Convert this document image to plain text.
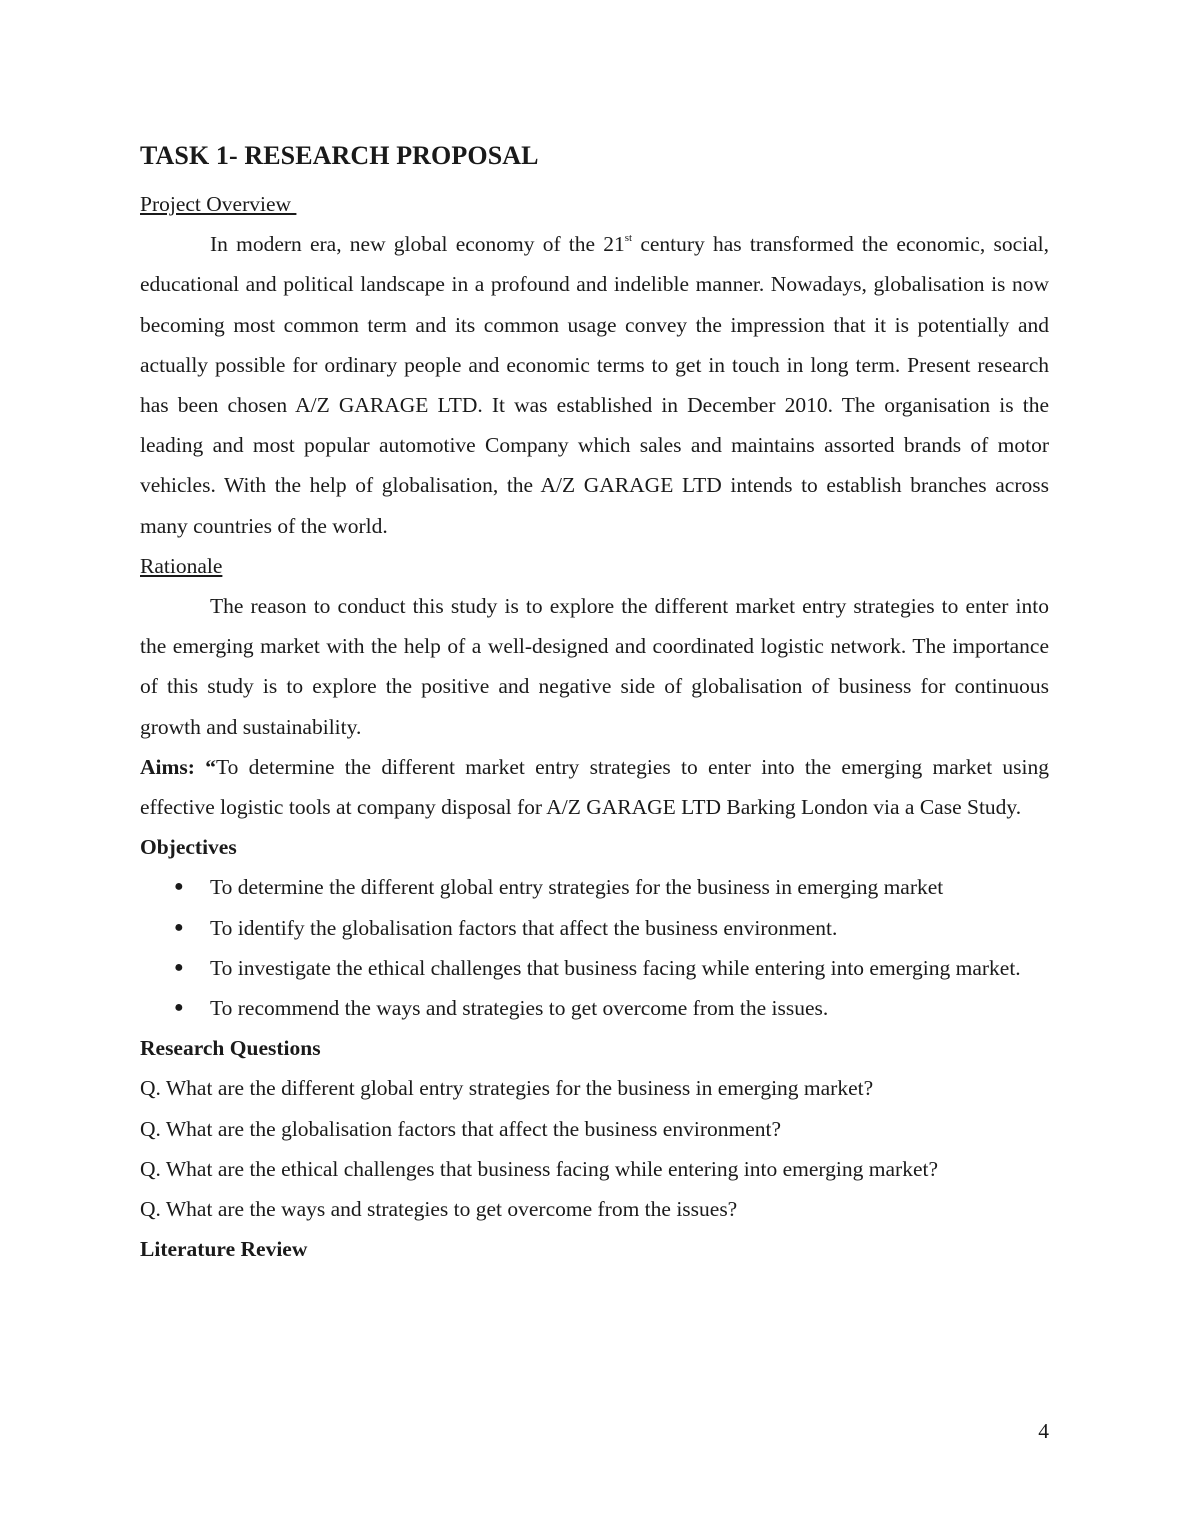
TASK 1- RESEARCH PROPOSAL

Project Overview

In modern era, new global economy of the 21st century has transformed the economic, social, educational and political landscape in a profound and indelible manner. Nowadays, globalisation is now becoming most common term and its common usage convey the impression that it is potentially and actually possible for ordinary people and economic terms to get in touch in long term. Present research has been chosen A/Z GARAGE LTD. It was established in December 2010. The organisation is the leading and most popular automotive Company which sales and maintains assorted brands of motor vehicles. With the help of globalisation, the A/Z GARAGE LTD intends to establish branches across many countries of the world.

Rationale

The reason to conduct this study is to explore the different market entry strategies to enter into the emerging market with the help of a well-designed and coordinated logistic network. The importance of this study is to explore the positive and negative side of globalisation of business for continuous growth and sustainability.

Aims: “To determine the different market entry strategies to enter into the emerging market using effective logistic tools at company disposal for A/Z GARAGE LTD Barking London via a Case Study.

Objectives

● To determine the different global entry strategies for the business in emerging market
● To identify the globalisation factors that affect the business environment.
● To investigate the ethical challenges that business facing while entering into emerging market.
● To recommend the ways and strategies to get overcome from the issues.

Research Questions

Q. What are the different global entry strategies for the business in emerging market?

Q. What are the globalisation factors that affect the business environment?

Q. What are the ethical challenges that business facing while entering into emerging market?

Q. What are the ways and strategies to get overcome from the issues?

Literature Review

4
